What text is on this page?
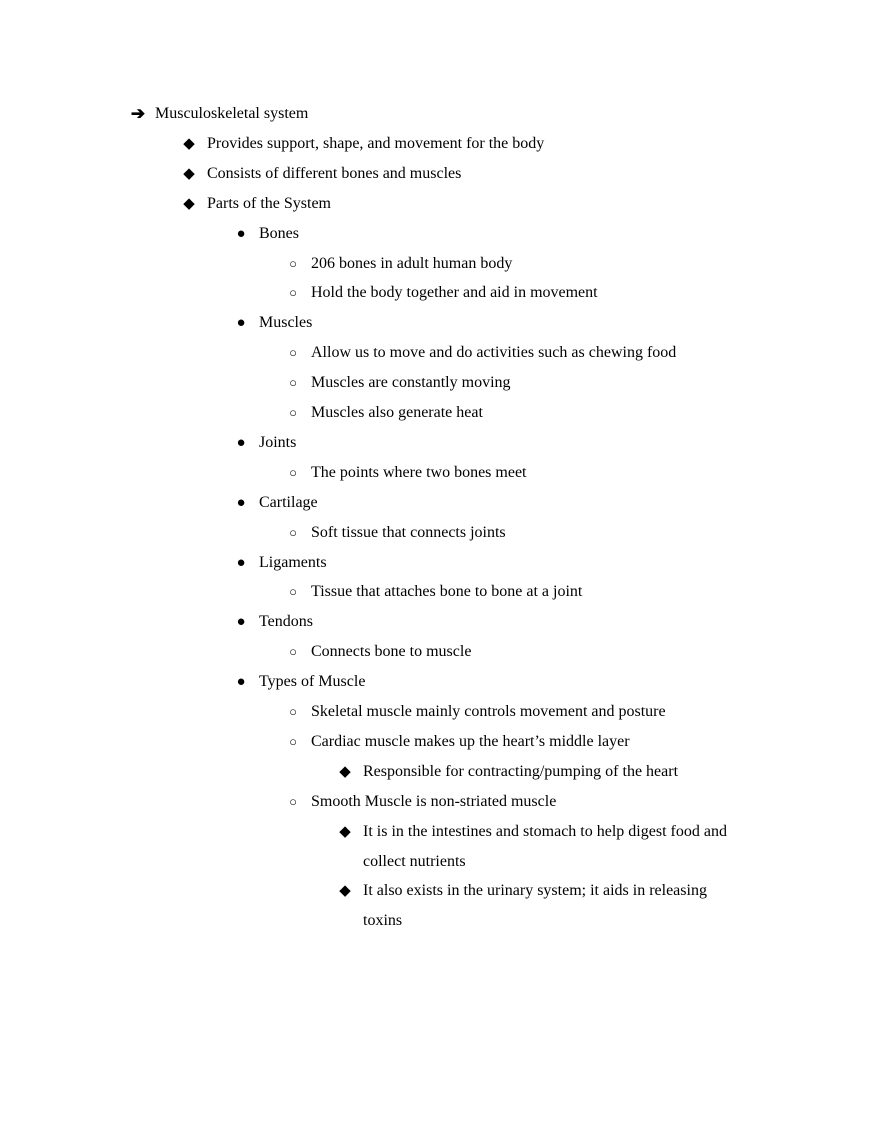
➔ Musculoskeletal system
◆ Provides support, shape, and movement for the body
◆ Consists of different bones and muscles
◆ Parts of the System
● Bones
○ 206 bones in adult human body
○ Hold the body together and aid in movement
● Muscles
○ Allow us to move and do activities such as chewing food
○ Muscles are constantly moving
○ Muscles also generate heat
● Joints
○ The points where two bones meet
● Cartilage
○ Soft tissue that connects joints
● Ligaments
○ Tissue that attaches bone to bone at a joint
● Tendons
○ Connects bone to muscle
● Types of Muscle
○ Skeletal muscle mainly controls movement and posture
○ Cardiac muscle makes up the heart’s middle layer
◆ Responsible for contracting/pumping of the heart
○ Smooth Muscle is non-striated muscle
◆ It is in the intestines and stomach to help digest food and
collect nutrients
◆ It also exists in the urinary system; it aids in releasing
toxins
